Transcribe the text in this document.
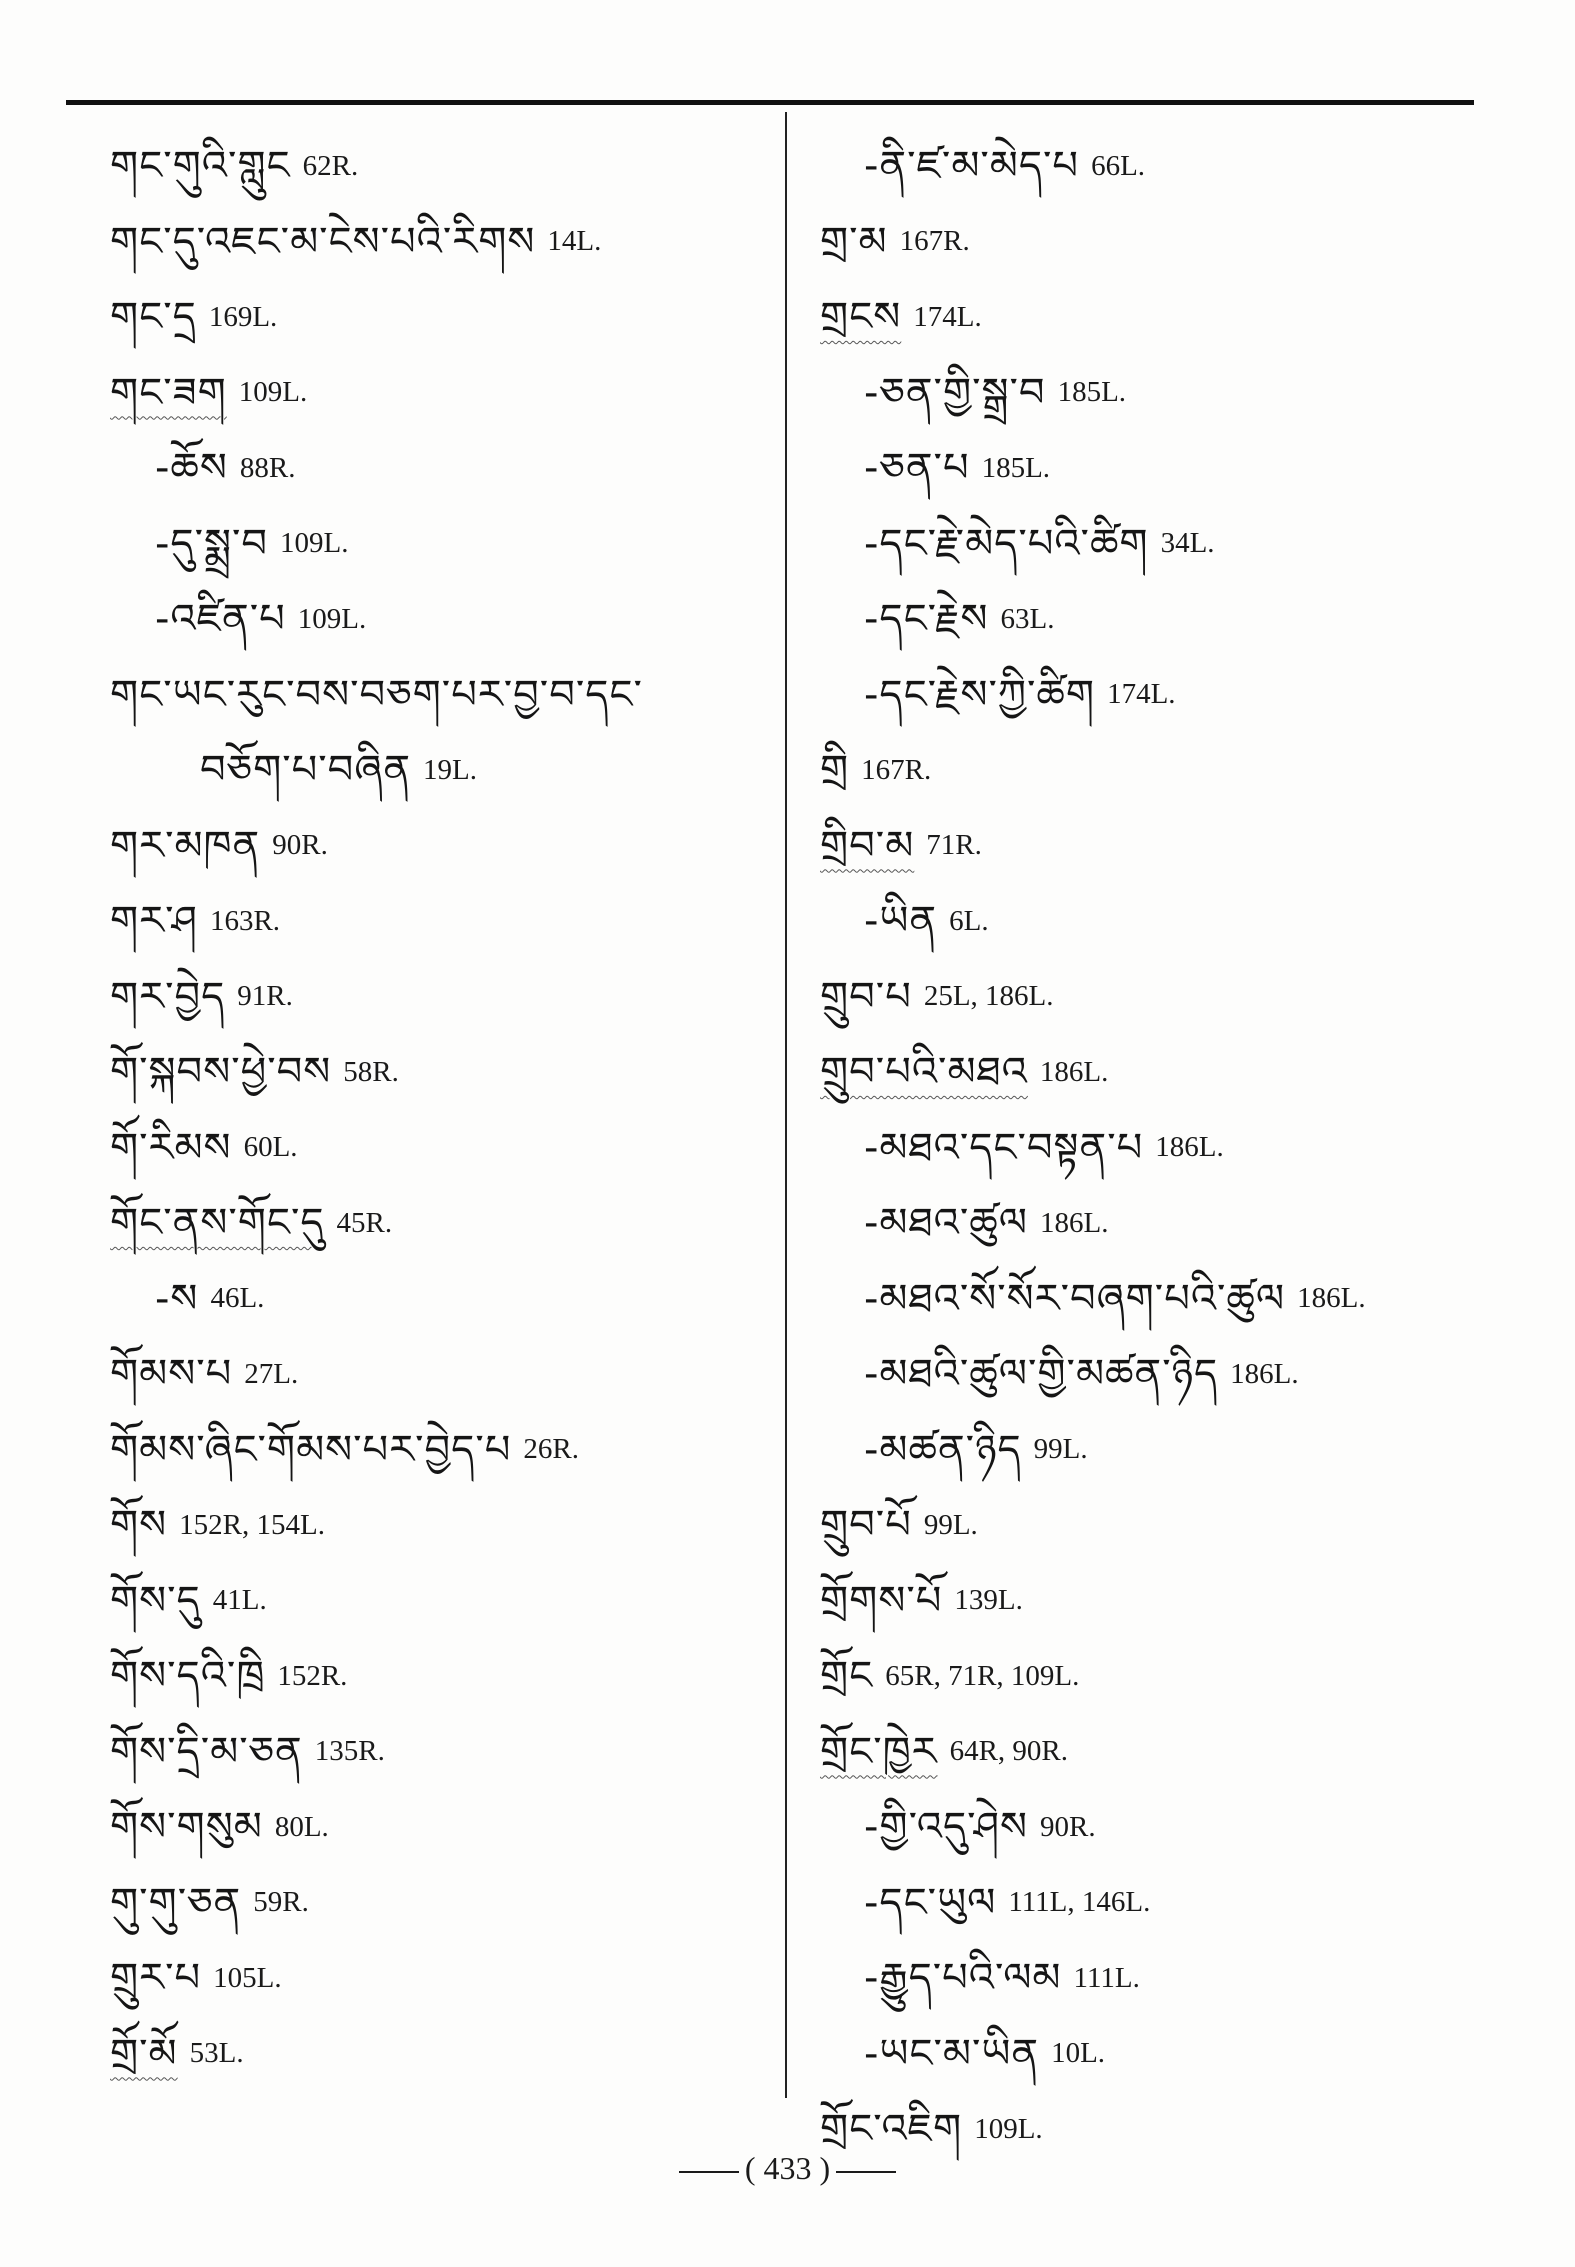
གང་གུའི་གླུང 62R.
གང་དུ་འཇང་མ་ངེས་པའི་རིགས 14L.
གང་དྲ 169L.
གང་ཟག 109L.
-ཆོས 88R.
-དུ་སྨྲ་བ 109L.
-འཛིན་པ 109L.
གང་ཡང་རུང་བས་བཅག་པར་བྱ་བ་དང་
བཅོག་པ་བཞིན 19L.
གར་མཁན 90R.
གར་ཤ 163R.
གར་བྱེད 91R.
གོ་སྐབས་ཕྱེ་བས 58R.
གོ་རིམས 60L.
གོང་ནས་གོང་དུ 45R.
-ས 46L.
གོམས་པ 27L.
གོམས་ཞིང་གོམས་པར་བྱེད་པ 26R.
གོས 152R, 154L.
གོས་དུ 41L.
གོས་དའི་ཁྲི 152R.
གོས་དྲི་མ་ཅན 135R.
གོས་གསུམ 80L.
གུ་གུ་ཅན 59R.
གྲུར་པ 105L.
གྲོ་མོ 53L.
-ནི་ཛ་མ་མེད་པ 66L.
གྲ་མ 167R.
གྲངས 174L.
-ཅན་གྱི་སྒྲ་བ 185L.
-ཅན་པ 185L.
-དང་རྗེ་མེད་པའི་ཚིག 34L.
-དང་རྗེས 63L.
-དང་རྗེས་ཀྱི་ཚིག 174L.
གྲི 167R.
གྲིབ་མ 71R.
-ཡིན 6L.
གྲུབ་པ 25L, 186L.
གྲུབ་པའི་མཐའ 186L.
-མཐའ་དང་བསྟན་པ 186L.
-མཐའ་ཚུལ 186L.
-མཐའ་སོ་སོར་བཞག་པའི་ཚུལ 186L.
-མཐའི་ཚུལ་གྱི་མཚན་ཉིད 186L.
-མཚན་ཉིད 99L.
གྲུབ་པོ 99L.
གྲོགས་པོ 139L.
གྲོང 65R, 71R, 109L.
གྲོང་ཁྱེར 64R, 90R.
-གྱི་འདུ་ཤེས 90R.
-དང་ཡུལ 111L, 146L.
-རྒྱུད་པའི་ལམ 111L.
-ཡང་མ་ཡིན 10L.
གྲོང་འཇིག 109L.
( 433 )
